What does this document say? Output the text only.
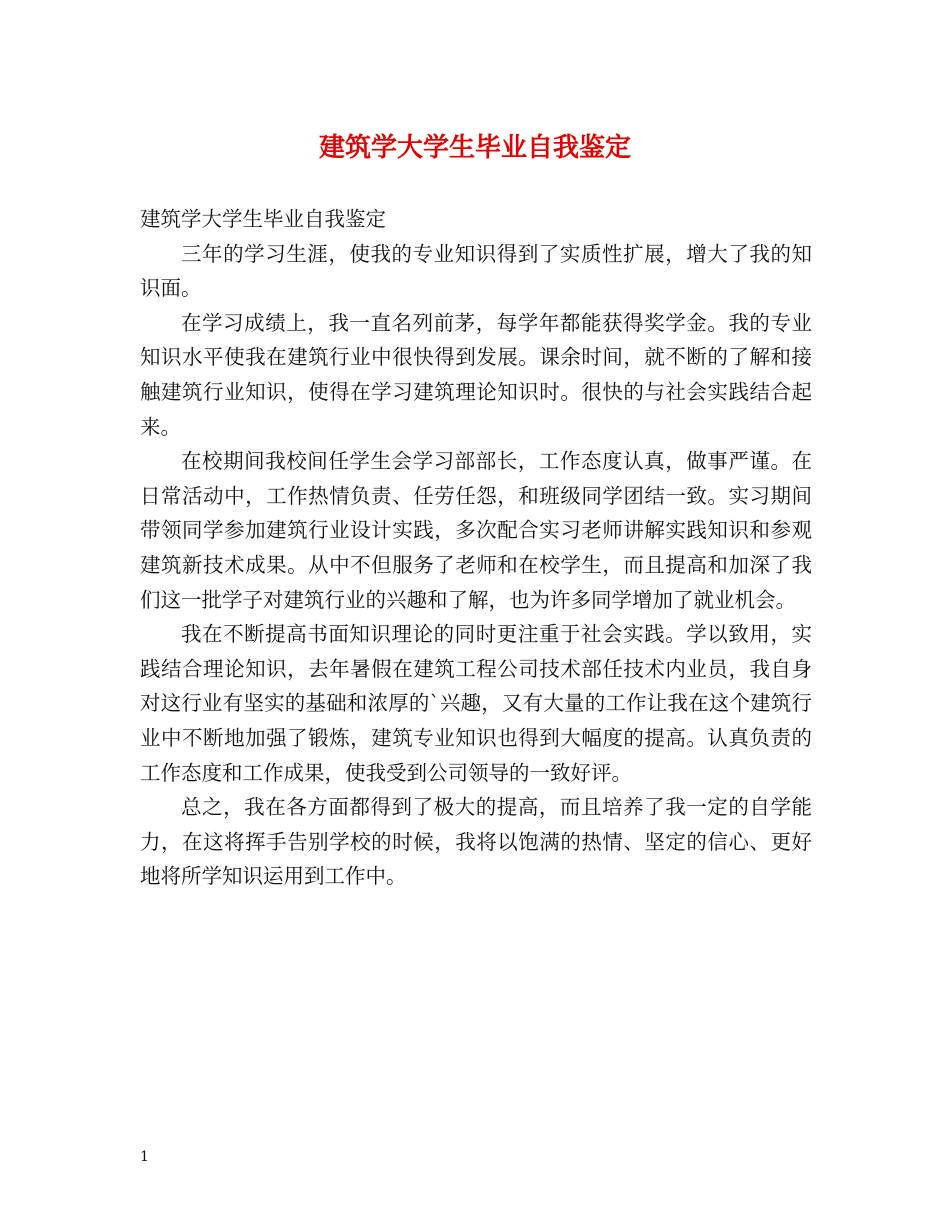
建筑学大学生毕业自我鉴定

建筑学大学生毕业自我鉴定

三年的学习生涯，使我的专业知识得到了实质性扩展，增大了我的知识面。

在学习成绩上，我一直名列前茅，每学年都能获得奖学金。我的专业知识水平使我在建筑行业中很快得到发展。课余时间，就不断的了解和接触建筑行业知识，使得在学习建筑理论知识时。很快的与社会实践结合起来。

在校期间我校间任学生会学习部部长，工作态度认真，做事严谨。在日常活动中，工作热情负责、任劳任怨，和班级同学团结一致。实习期间带领同学参加建筑行业设计实践，多次配合实习老师讲解实践知识和参观建筑新技术成果。从中不但服务了老师和在校学生，而且提高和加深了我们这一批学子对建筑行业的兴趣和了解，也为许多同学增加了就业机会。

我在不断提高书面知识理论的同时更注重于社会实践。学以致用，实践结合理论知识，去年暑假在建筑工程公司技术部任技术内业员，我自身对这行业有坚实的基础和浓厚的`兴趣，又有大量的工作让我在这个建筑行业中不断地加强了锻炼，建筑专业知识也得到大幅度的提高。认真负责的工作态度和工作成果，使我受到公司领导的一致好评。

总之，我在各方面都得到了极大的提高，而且培养了我一定的自学能力，在这将挥手告别学校的时候，我将以饱满的热情、坚定的信心、更好地将所学知识运用到工作中。

1
